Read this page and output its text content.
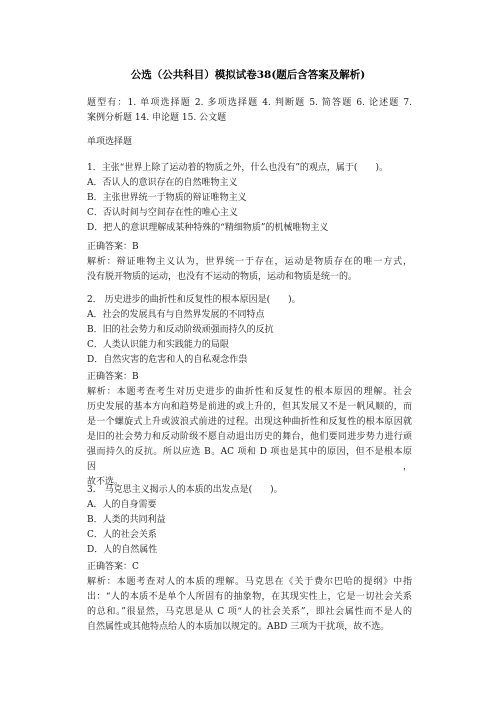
公选（公共科目）模拟试卷38(题后含答案及解析)
题型有：1. 单项选择题 2. 多项选择题 4. 判断题 5. 简答题 6. 论述题 7.
案例分析题 14. 申论题 15. 公文题
单项选择题
1．主张“世界上除了运动着的物质之外，什么也没有”的观点，属于(　　)。
A．否认人的意识存在的自然唯物主义
B．主张世界统一于物质的辩证唯物主义
C．否认时间与空间存在性的唯心主义
D．把人的意识理解成某种特殊的“精细物质”的机械唯物主义
正确答案：B
解析：辩证唯物主义认为，世界统一于存在，运动是物质存在的唯一方式，
没有脱开物质的运动，也没有不运动的物质，运动和物质是统一的。
2． 历史进步的曲折性和反复性的根本原因是(　　)。
A．社会的发展具有与自然界发展的不同特点
B．旧的社会势力和反动阶级顽强而持久的反抗
C．人类认识能力和实践能力的局限
D．自然灾害的危害和人的自私观念作祟
正确答案：B
解析：本题考查考生对历史进步的曲折性和反复性的根本原因的理解。社会
历史发展的基本方向和趋势是前进的或上升的，但其发展又不是一帆风顺的，而
是一个螺旋式上升或波浪式前进的过程。出现这种曲折性和反复性的根本原因就
是旧的社会势力和反动阶级不愿自动退出历史的舞台，他们要同进步势力进行顽
强而持久的反抗。所以应选 B。AC 项和 D 项也是其中的原因，但不是根本原因，
故不选。
3． 马克思主义揭示人的本质的出发点是(　　)。
A．人的自身需要
B．人类的共同利益
C．人的社会关系
D．人的自然属性
正确答案：C
解析：本题考查对人的本质的理解。马克思在《关于费尔巴哈的提纲》中指
出：“人的本质不是单个人所固有的抽象物，在其现实性上，它是一切社会关系
的总和。”很显然，马克思是从 C 项“人的社会关系”，即社会属性而不是人的
自然属性或其他特点给人的本质加以规定的。ABD 三项为干扰项，故不选。
